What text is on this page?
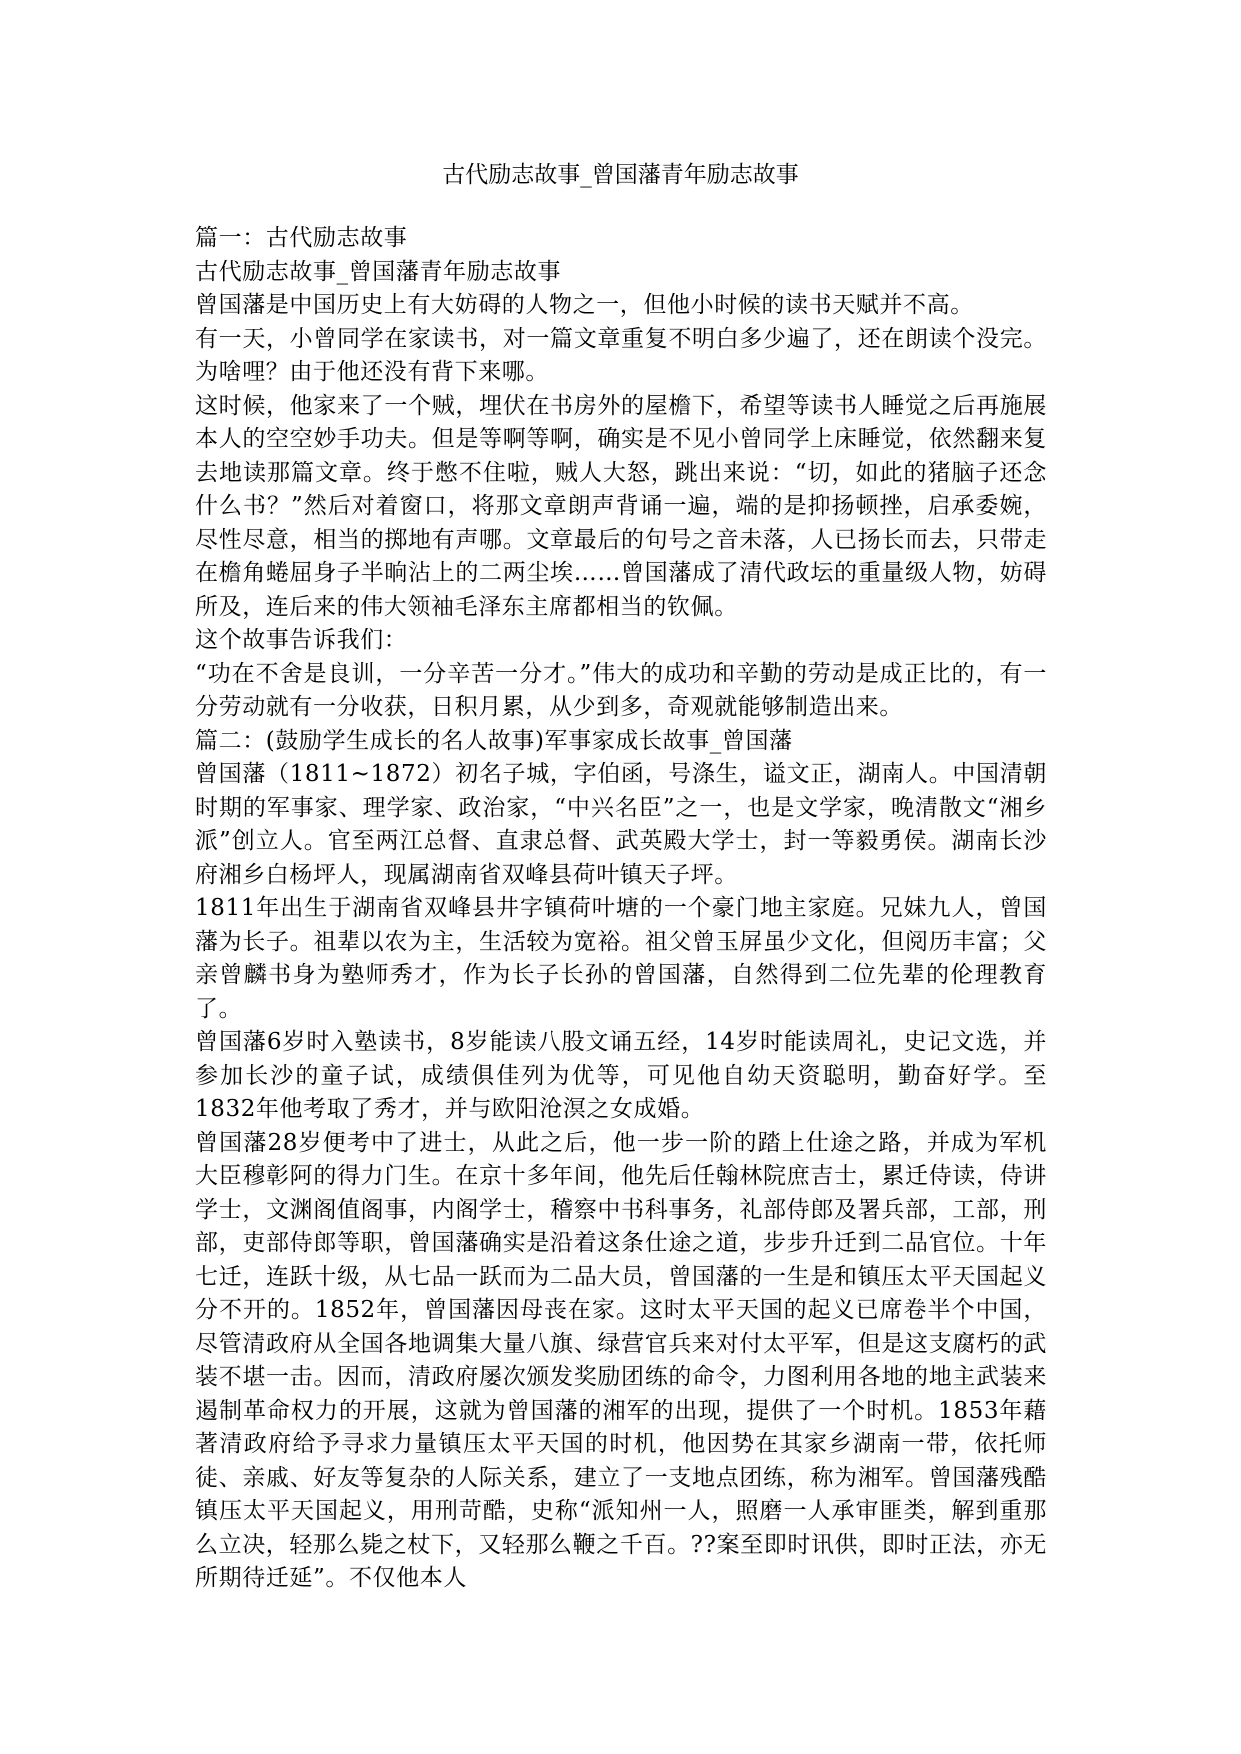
古代励志故事_曾国藩青年励志故事

篇一：古代励志故事

古代励志故事_曾国藩青年励志故事

曾国藩是中国历史上有大妨碍的人物之一，但他小时候的读书天赋并不高。

有一天，小曾同学在家读书，对一篇文章重复不明白多少遍了，还在朗读个没完。为啥哩？由于他还没有背下来哪。

这时候，他家来了一个贼，埋伏在书房外的屋檐下，希望等读书人睡觉之后再施展本人的空空妙手功夫。但是等啊等啊，确实是不见小曾同学上床睡觉，依然翻来复去地读那篇文章。终于憋不住啦，贼人大怒，跳出来说：“切，如此的猪脑子还念什么书？”然后对着窗口，将那文章朗声背诵一遍，端的是抑扬顿挫，启承委婉，尽性尽意，相当的掷地有声哪。文章最后的句号之音未落，人已扬长而去，只带走在檐角蜷屈身子半晌沾上的二两尘埃……曾国藩成了清代政坛的重量级人物，妨碍所及，连后来的伟大领袖毛泽东主席都相当的钦佩。

这个故事告诉我们：

“功在不舍是良训，一分辛苦一分才。”伟大的成功和辛勤的劳动是成正比的，有一分劳动就有一分收获，日积月累，从少到多，奇观就能够制造出来。

篇二：(鼓励学生成长的名人故事)军事家成长故事_曾国藩

曾国藩（1811~1872）初名子城，字伯函，号涤生，谥文正，湖南人。中国清朝时期的军事家、理学家、政治家，“中兴名臣”之一，也是文学家，晚清散文“湘乡派”创立人。官至两江总督、直隶总督、武英殿大学士，封一等毅勇侯。湖南长沙府湘乡白杨坪人，现属湖南省双峰县荷叶镇天子坪。

1811年出生于湖南省双峰县井字镇荷叶塘的一个豪门地主家庭。兄妹九人，曾国藩为长子。祖辈以农为主，生活较为宽裕。祖父曾玉屏虽少文化，但阅历丰富；父亲曾麟书身为塾师秀才，作为长子长孙的曾国藩，自然得到二位先辈的伦理教育了。

曾国藩6岁时入塾读书，8岁能读八股文诵五经，14岁时能读周礼，史记文选，并参加长沙的童子试，成绩俱佳列为优等，可见他自幼天资聪明，勤奋好学。至1832年他考取了秀才，并与欧阳沧溟之女成婚。

曾国藩28岁便考中了进士，从此之后，他一步一阶的踏上仕途之路，并成为军机大臣穆彰阿的得力门生。在京十多年间，他先后任翰林院庶吉士，累迁侍读，侍讲学士，文渊阁值阁事，内阁学士，稽察中书科事务，礼部侍郎及署兵部，工部，刑部，吏部侍郎等职，曾国藩确实是沿着这条仕途之道，步步升迁到二品官位。十年七迁，连跃十级，从七品一跃而为二品大员，曾国藩的一生是和镇压太平天国起义分不开的。1852年，曾国藩因母丧在家。这时太平天国的起义已席卷半个中国，尽管清政府从全国各地调集大量八旗、绿营官兵来对付太平军，但是这支腐朽的武装不堪一击。因而，清政府屡次颁发奖励团练的命令，力图利用各地的地主武装来遏制革命权力的开展，这就为曾国藩的湘军的出现，提供了一个时机。1853年藉著清政府给予寻求力量镇压太平天国的时机，他因势在其家乡湖南一带，依托师徒、亲戚、好友等复杂的人际关系，建立了一支地点团练，称为湘军。曾国藩残酷镇压太平天国起义，用刑苛酷，史称“派知州一人，照磨一人承审匪类，解到重那么立决，轻那么毙之杖下，又轻那么鞭之千百。??案至即时讯供，即时正法，亦无所期待迁延”。不仅他本人
